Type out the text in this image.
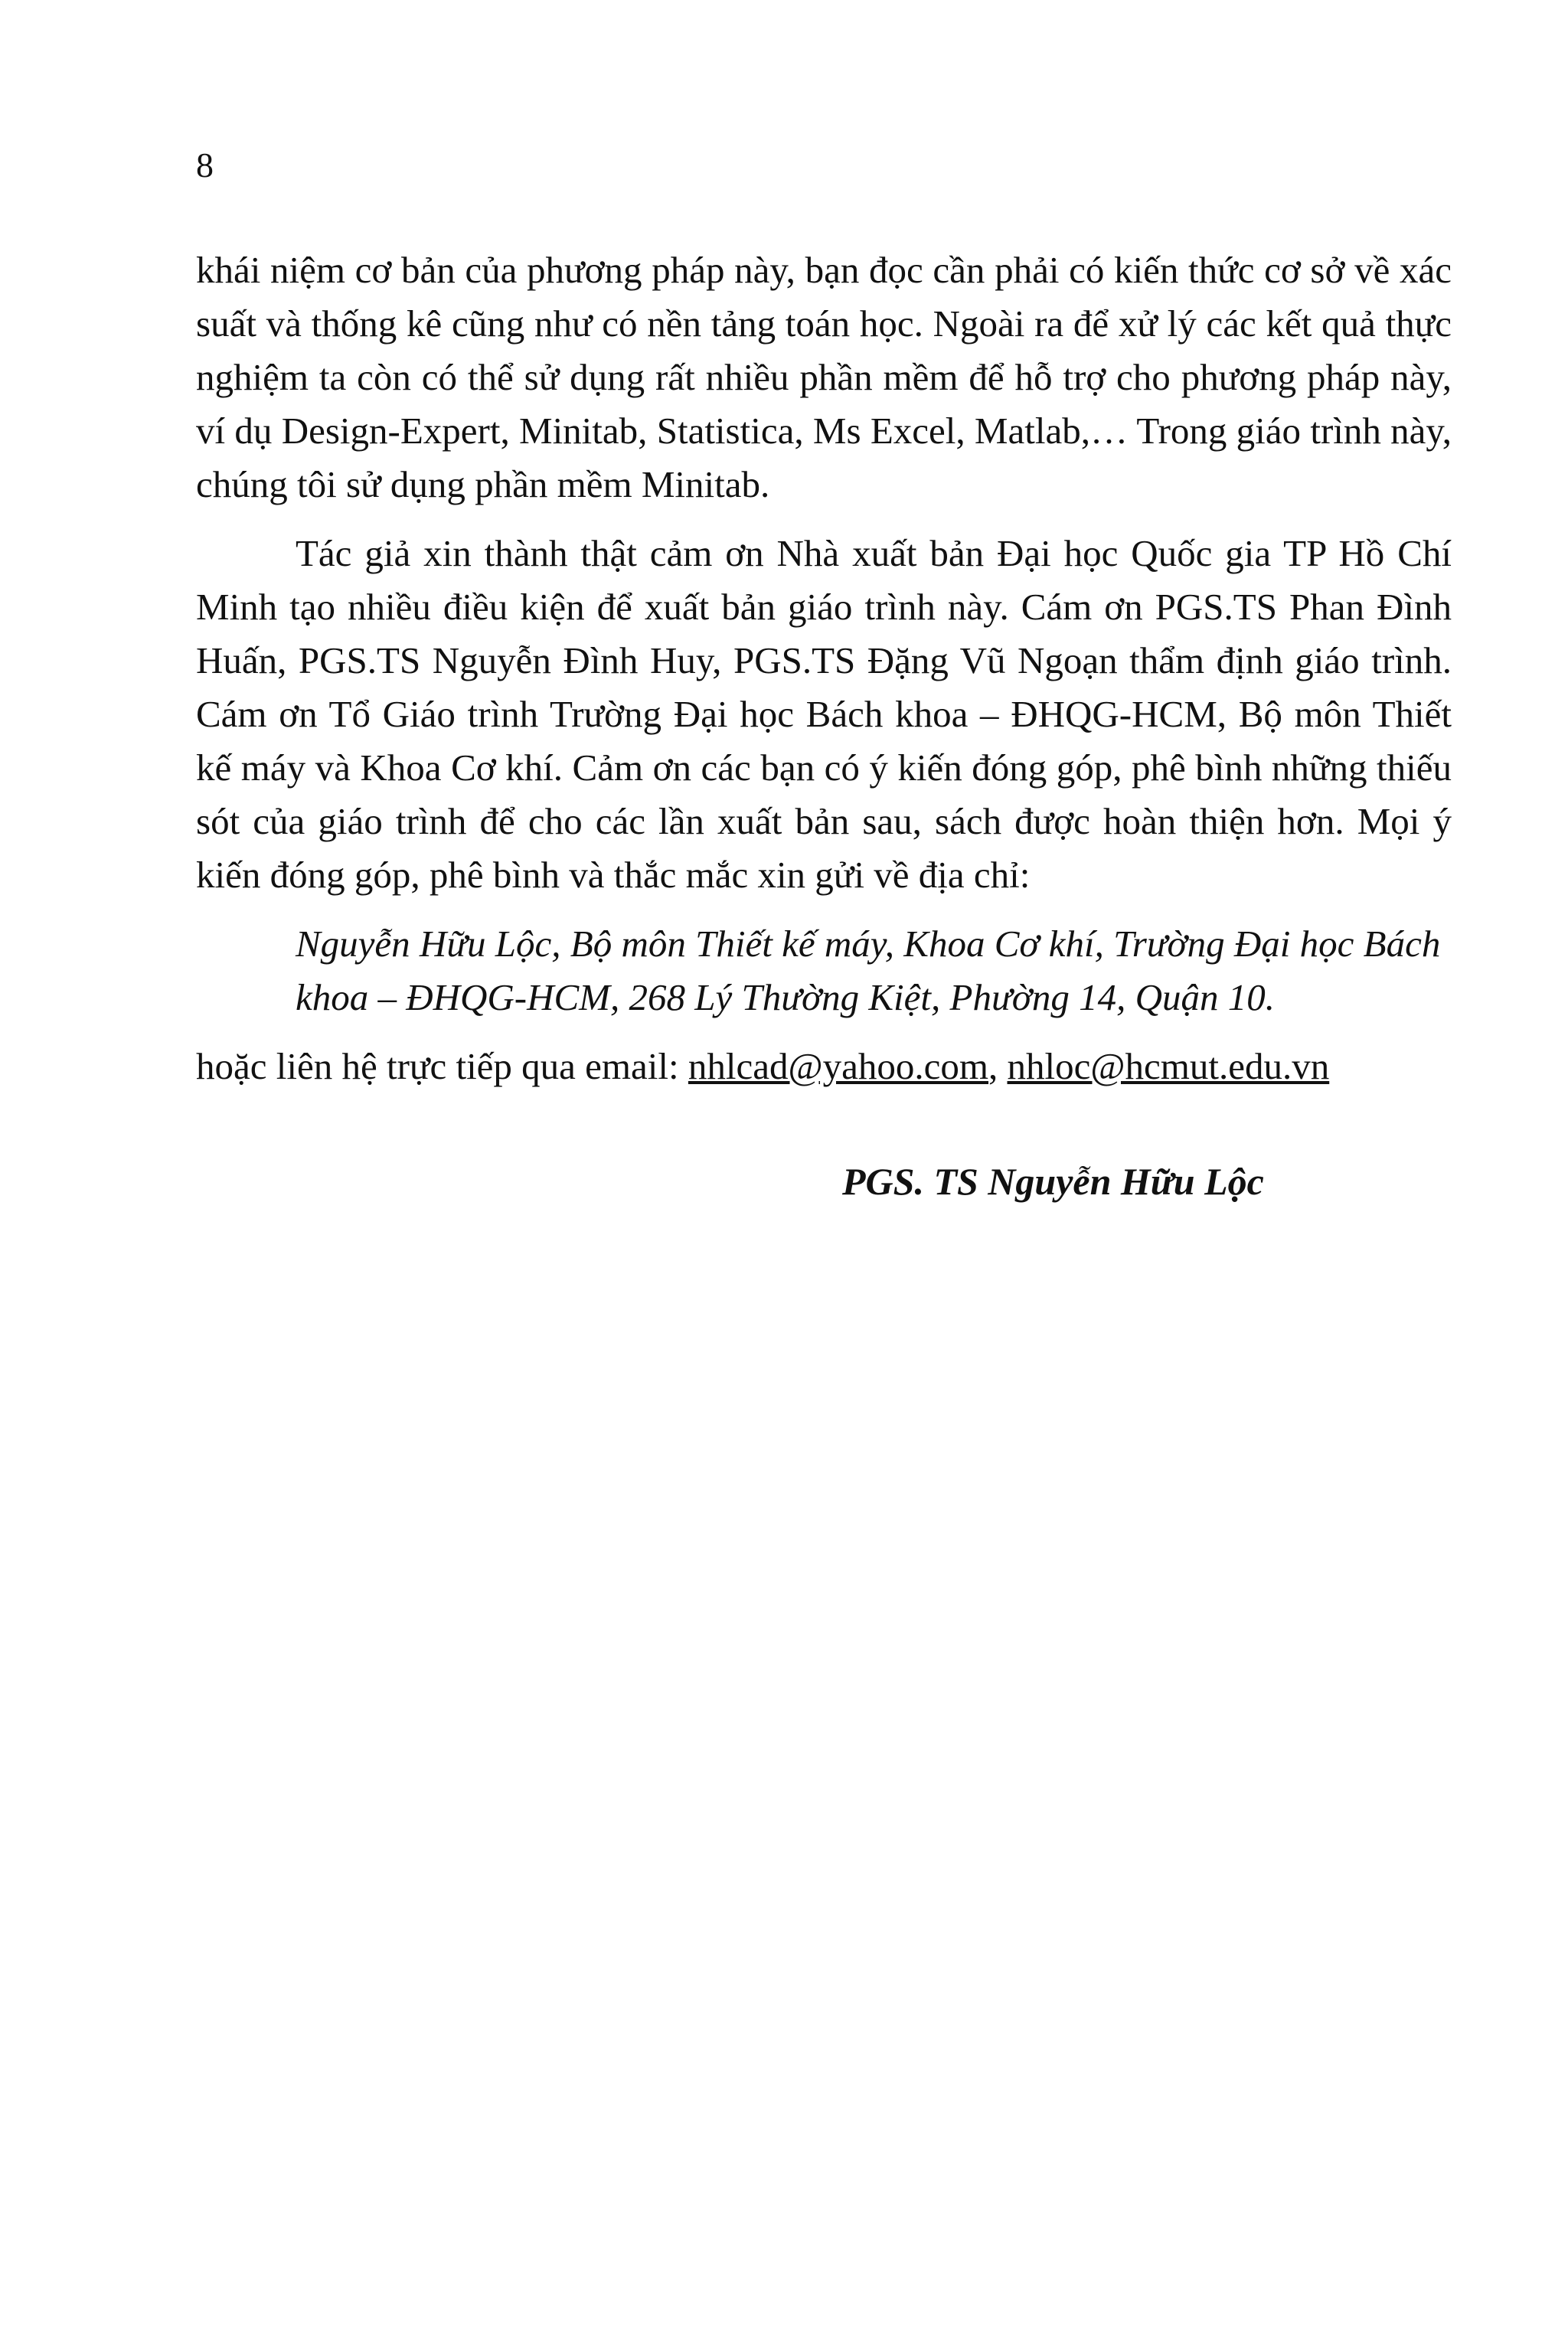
8

khái niệm cơ bản của phương pháp này, bạn đọc cần phải có kiến thức cơ sở về xác suất và thống kê cũng như có nền tảng toán học. Ngoài ra để xử lý các kết quả thực nghiệm ta còn có thể sử dụng rất nhiều phần mềm để hỗ trợ cho phương pháp này, ví dụ Design-Expert, Minitab, Statistica, Ms Excel, Matlab,… Trong giáo trình này, chúng tôi sử dụng phần mềm Minitab.

Tác giả xin thành thật cảm ơn Nhà xuất bản Đại học Quốc gia TP Hồ Chí Minh tạo nhiều điều kiện để xuất bản giáo trình này. Cám ơn PGS.TS Phan Đình Huấn, PGS.TS Nguyễn Đình Huy, PGS.TS Đặng Vũ Ngoạn thẩm định giáo trình. Cám ơn Tổ Giáo trình Trường Đại học Bách khoa – ĐHQG-HCM, Bộ môn Thiết kế máy và Khoa Cơ khí. Cảm ơn các bạn có ý kiến đóng góp, phê bình những thiếu sót của giáo trình để cho các lần xuất bản sau, sách được hoàn thiện hơn. Mọi ý kiến đóng góp, phê bình và thắc mắc xin gửi về địa chỉ:

Nguyễn Hữu Lộc, Bộ môn Thiết kế máy, Khoa Cơ khí, Trường Đại học Bách khoa – ĐHQG-HCM, 268 Lý Thường Kiệt, Phường 14, Quận 10.

hoặc liên hệ trực tiếp qua email: nhlcad@yahoo.com, nhloc@hcmut.edu.vn

PGS. TS Nguyễn Hữu Lộc
